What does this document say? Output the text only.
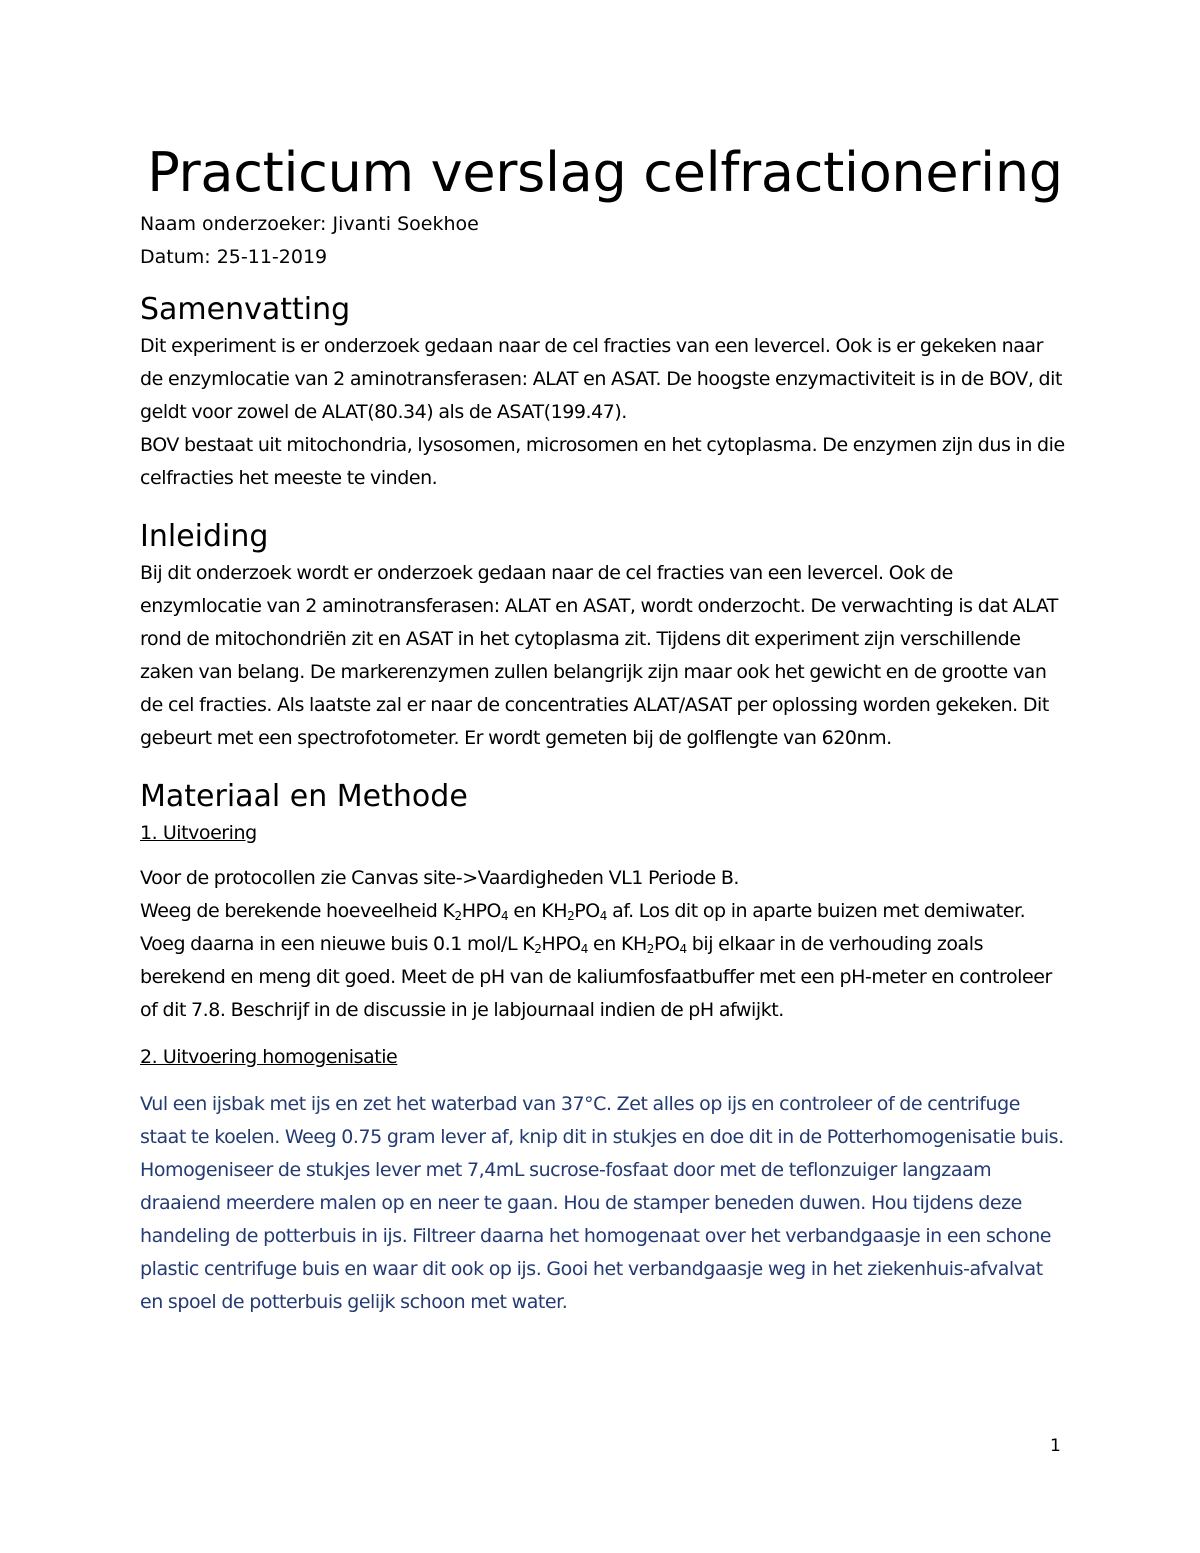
Practicum verslag celfractionering

Naam onderzoeker: Jivanti Soekhoe

Datum: 25-11-2019

Samenvatting

Dit experiment is er onderzoek gedaan naar de cel fracties van een levercel. Ook is er gekeken naar de enzymlocatie van 2 aminotransferasen: ALAT en ASAT. De hoogste enzymactiviteit is in de BOV, dit geldt voor zowel de ALAT(80.34) als de ASAT(199.47).

BOV bestaat uit mitochondria, lysosomen, microsomen en het cytoplasma. De enzymen zijn dus in die celfracties het meeste te vinden.

Inleiding

Bij dit onderzoek wordt er onderzoek gedaan naar de cel fracties van een levercel. Ook de enzymlocatie van 2 aminotransferasen: ALAT en ASAT, wordt onderzocht. De verwachting is dat ALAT rond de mitochondriën zit en ASAT in het cytoplasma zit. Tijdens dit experiment zijn verschillende zaken van belang. De markerenzymen zullen belangrijk zijn maar ook het gewicht en de grootte van de cel fracties. Als laatste zal er naar de concentraties ALAT/ASAT per oplossing worden gekeken. Dit gebeurt met een spectrofotometer. Er wordt gemeten bij de golflengte van 620nm.

Materiaal en Methode

1. Uitvoering

Voor de protocollen zie Canvas site->Vaardigheden VL1 Periode B.

Weeg de berekende hoeveelheid $K_2HPO_4$ en $KH_2PO_4$ af. Los dit op in aparte buizen met demiwater. Voeg daarna in een nieuwe buis 0.1 mol/L $K_2HPO_4$ en $KH_2PO_4$ bij elkaar in de verhouding zoals berekend en meng dit goed. Meet de pH van de kaliumfosfaatbuffer met een pH-meter en controleer of dit 7.8. Beschrijf in de discussie in je labjournaal indien de pH afwijkt.

2. Uitvoering homogenisatie

Vul een ijsbak met ijs en zet het waterbad van 37°C. Zet alles op ijs en controleer of de centrifuge staat te koelen. Weeg 0.75 gram lever af, knip dit in stukjes en doe dit in de Potterhomogenisatie buis. Homogeniseer de stukjes lever met 7,4mL sucrose-fosfaat door met de teflonzuiger langzaam draaiend meerdere malen op en neer te gaan. Hou de stamper beneden duwen. Hou tijdens deze handeling de potterbuis in ijs. Filtreer daarna het homogenaat over het verbandgaasje in een schone plastic centrifuge buis en waar dit ook op ijs. Gooi het verbandgaasje weg in het ziekenhuis-afvalvat en spoel de potterbuis gelijk schoon met water.

1
